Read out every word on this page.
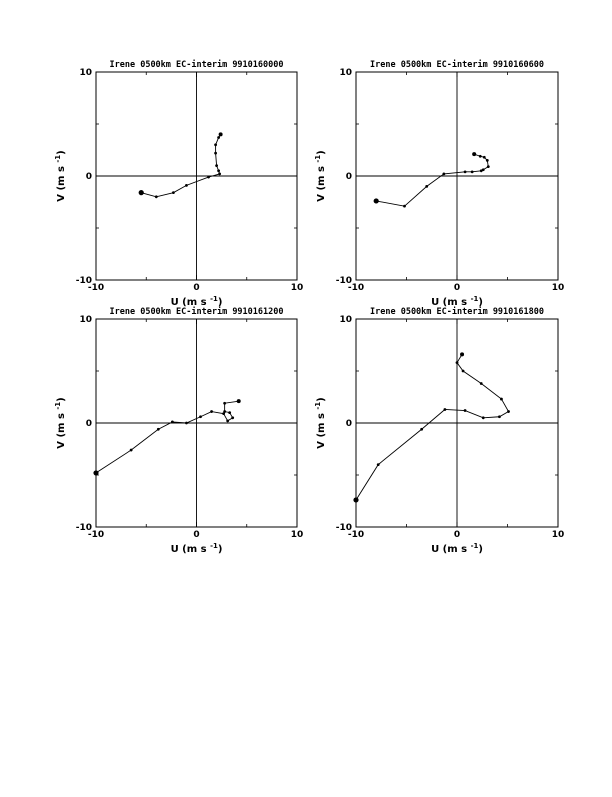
-10	0	10
-10
0
10
Irene 0500km EC-interim 9910160000
U (m s $^{-1}$)
V (m s $^{-1}$)
-10	0	10
-10
0
10
Irene 0500km EC-interim 9910160600
U (m s $^{-1}$)
V (m s $^{-1}$)
-10	0	10
-10
0
10
Irene 0500km EC-interim 9910161200
U (m s $^{-1}$)
V (m s $^{-1}$)
-10	0	10
-10
0
10
Irene 0500km EC-interim 9910161800
U (m s $^{-1}$)
V (m s $^{-1}$)
